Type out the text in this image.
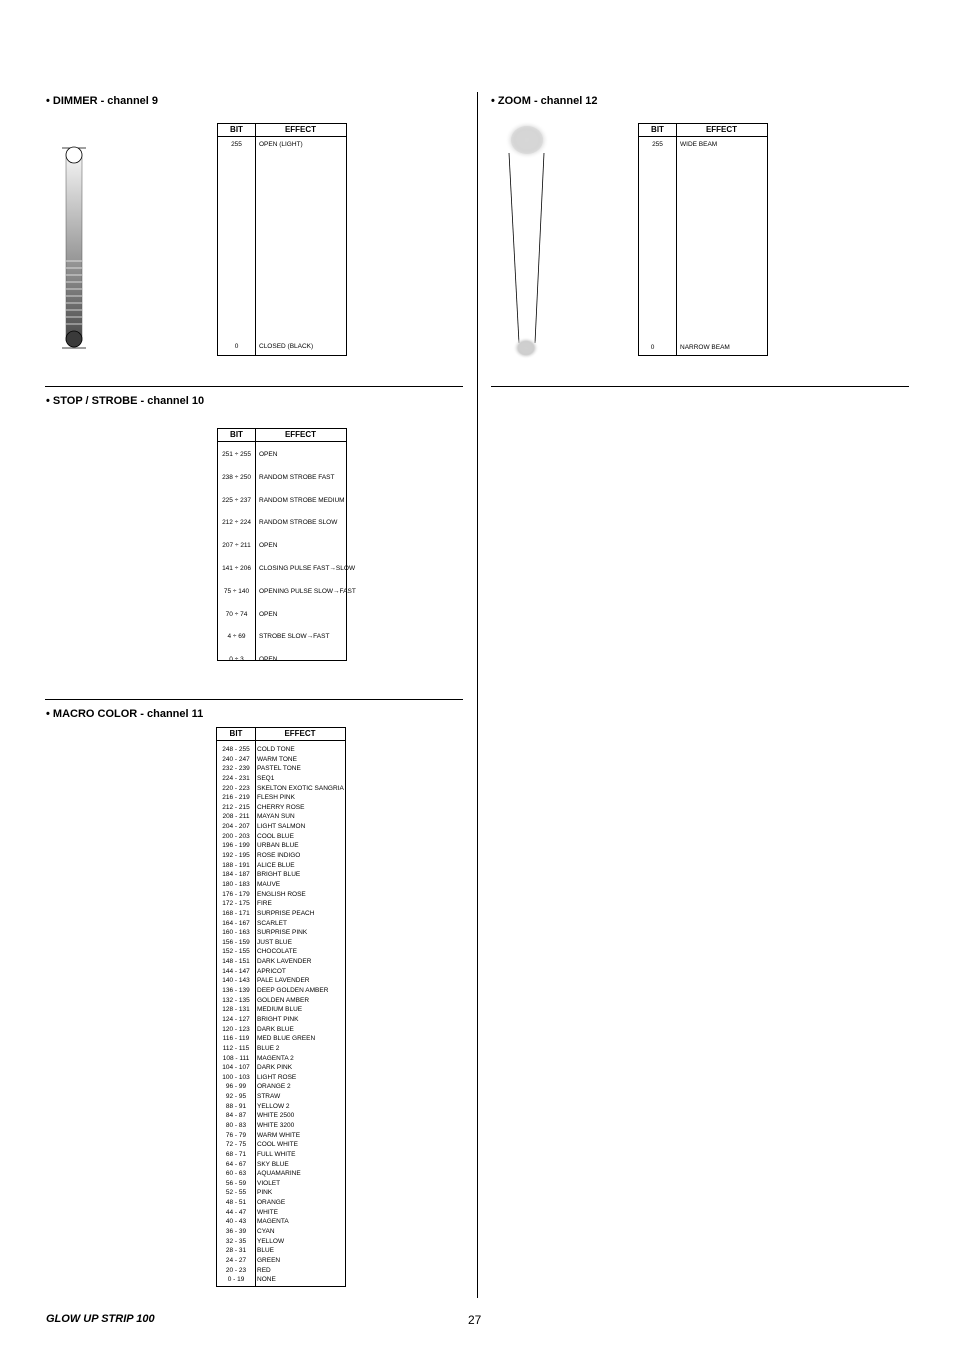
• DIMMER - channel 9	• ZOOM - channel 12
• STOP / STROBE - channel 10
• MACRO COLOR - channel 11
BIT	EFFECT
255	OPEN (LIGHT)
0	CLOSED (BLACK)
BIT	EFFECT
255	WIDE BEAM
0	NARROW BEAM
BIT	EFFECT
251 ÷ 255	OPEN
238 ÷ 250	RANDOM STROBE FAST
225 ÷ 237	RANDOM STROBE MEDIUM
212 ÷ 224	RANDOM STROBE SLOW
207 ÷ 211	OPEN
141 ÷ 206	CLOSING PULSE FAST→SLOW
75 ÷ 140	OPENING PULSE SLOW→FAST
70 ÷ 74	OPEN
4 ÷ 69	STROBE SLOW→FAST
0 ÷ 3	OPEN
BIT	EFFECT
248 - 255	COLD TONE
240 - 247	WARM TONE
232 - 239	PASTEL TONE
224 - 231	SEQ1
220 - 223	SKELTON EXOTIC SANGRIA
216 - 219	FLESH PINK
212 - 215	CHERRY ROSE
208 - 211	MAYAN SUN
204 - 207	LIGHT SALMON
200 - 203	COOL BLUE
196 - 199	URBAN BLUE
192 - 195	ROSE INDIGO
188 - 191	ALICE BLUE
184 - 187	BRIGHT BLUE
180 - 183	MAUVE
176 - 179	ENGLISH ROSE
172 - 175	FIRE
168 - 171	SURPRISE PEACH
164 - 167	SCARLET
160 - 163	SURPRISE PINK
156 - 159	JUST BLUE
152 - 155	CHOCOLATE
148 - 151	DARK LAVENDER
144 - 147	APRICOT
140 - 143	PALE LAVENDER
136 - 139	DEEP GOLDEN AMBER
132 - 135	GOLDEN AMBER
128 - 131	MEDIUM BLUE
124 - 127	BRIGHT PINK
120 - 123	DARK BLUE
116 - 119	MED BLUE GREEN
112 - 115	BLUE 2
108 - 111	MAGENTA 2
104 - 107	DARK PINK
100 - 103	LIGHT ROSE
96 - 99	ORANGE 2
92 - 95	STRAW
88 - 91	YELLOW 2
84 - 87	WHITE 2500
80 - 83	WHITE 3200
76 - 79	WARM WHITE
72 - 75	COOL WHITE
68 - 71	FULL WHITE
64 - 67	SKY BLUE
60 - 63	AQUAMARINE
56 - 59	VIOLET
52 - 55	PINK
48 - 51	ORANGE
44 - 47	WHITE
40 - 43	MAGENTA
36 - 39	CYAN
32 - 35	YELLOW
28 - 31	BLUE
24 - 27	GREEN
20 - 23	RED
0 - 19	NONE
GLOW UP STRIP 100	27
